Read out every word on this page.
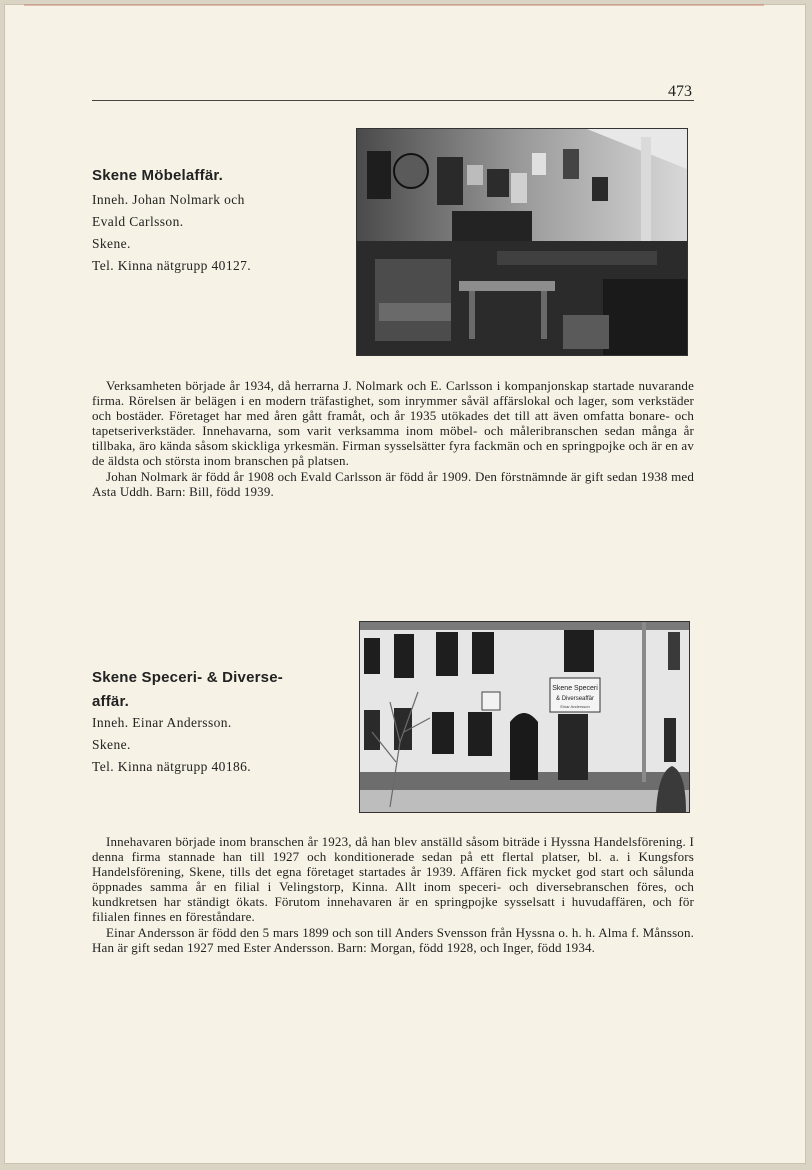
473
Skene Möbelaffär.
Inneh. Johan Nolmark och
Evald Carlsson.
Skene.
Tel. Kinna nätgrupp 40127.

Verksamheten började år 1934, då herrarna J. Nolmark och E. Carlsson i kompanjonskap startade nuvarande firma. Rörelsen är belägen i en modern träfastighet, som inrymmer såväl affärslokal och lager, som verkstäder och bostäder. Företaget har med åren gått framåt, och år 1935 utökades det till att även omfatta bonare- och tapetseriverkstäder. Innehavarna, som varit verksamma inom möbel- och måleribranschen sedan många år tillbaka, äro kända såsom skickliga yrkesmän. Firman sysselsätter fyra fackmän och en springpojke och är en av de äldsta och största inom branschen på platsen.

Johan Nolmark är född år 1908 och Evald Carlsson är född år 1909. Den förstnämnde är gift sedan 1938 med Asta Uddh. Barn: Bill, född 1939.

Skene Speceri- & Diverse-
affär.
Inneh. Einar Andersson.
Skene.
Tel. Kinna nätgrupp 40186.
Skene Speceri
& Diverseaffär
Einar Andersson

Innehavaren började inom branschen år 1923, då han blev anställd såsom biträde i Hyssna Handelsförening. I denna firma stannade han till 1927 och konditionerade sedan på ett flertal platser, bl. a. i Kungsfors Handelsförening, Skene, tills det egna företaget startades år 1939. Affären fick mycket god start och sålunda öppnades samma år en filial i Velingstorp, Kinna. Allt inom speceri- och diversebranschen föres, och kundkretsen har ständigt ökats. Förutom innehavaren är en springpojke sysselsatt i huvudaffären, och för filialen finnes en föreståndare.

Einar Andersson är född den 5 mars 1899 och son till Anders Svensson från Hyssna o. h. h. Alma f. Månsson. Han är gift sedan 1927 med Ester Andersson. Barn: Morgan, född 1928, och Inger, född 1934.
